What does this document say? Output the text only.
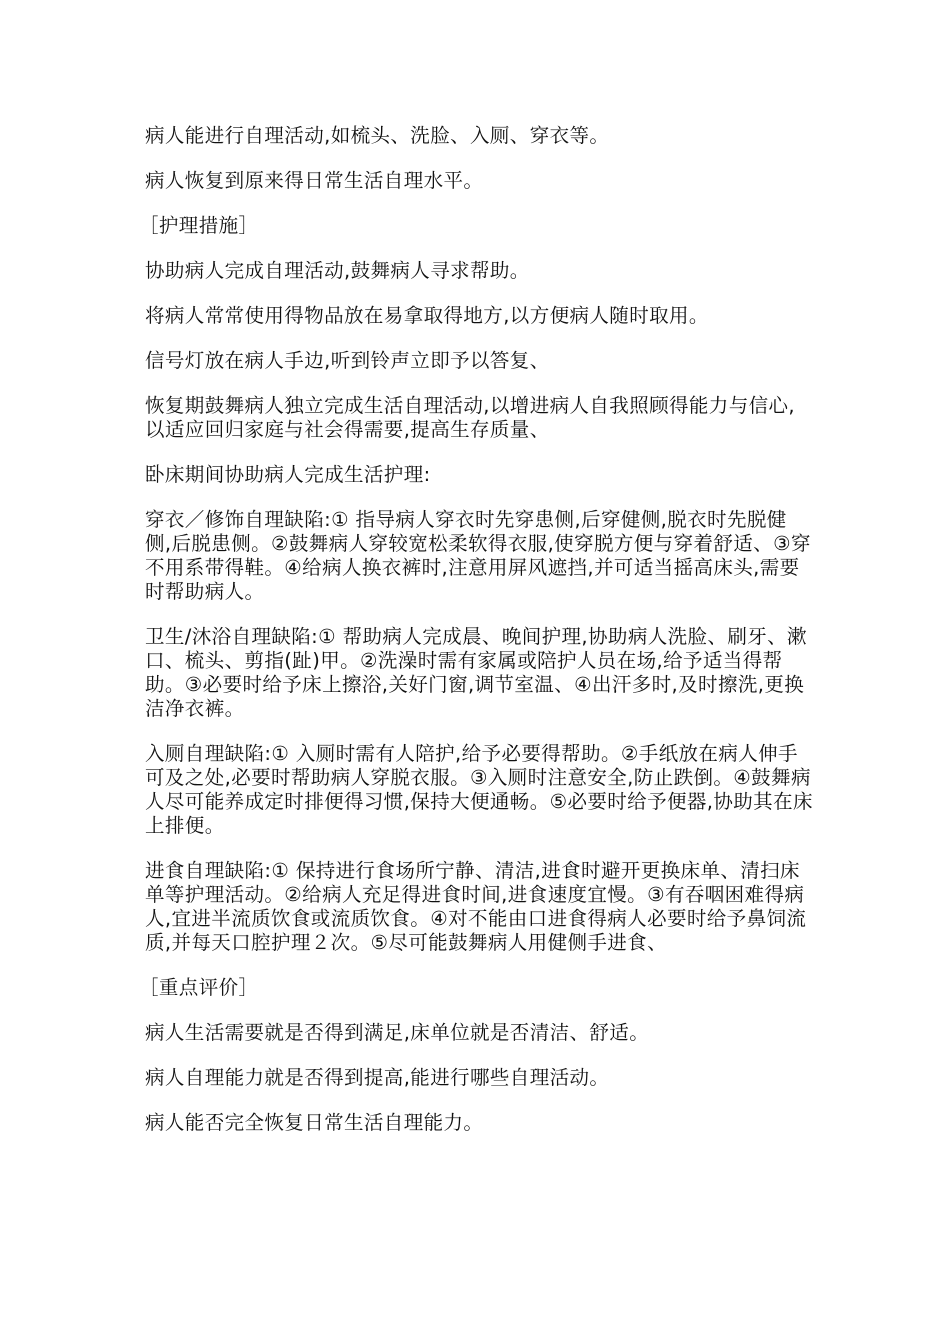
病人能进行自理活动,如梳头、洗脸、入厕、穿衣等。

病人恢复到原来得日常生活自理水平。

［护理措施］

协助病人完成自理活动,鼓舞病人寻求帮助。

将病人常常使用得物品放在易拿取得地方,以方便病人随时取用。

信号灯放在病人手边,听到铃声立即予以答复、

恢复期鼓舞病人独立完成生活自理活动,以增进病人自我照顾得能力与信心,以适应回归家庭与社会得需要,提高生存质量、

卧床期间协助病人完成生活护理:

穿衣／修饰自理缺陷:① 指导病人穿衣时先穿患侧,后穿健侧,脱衣时先脱健侧,后脱患侧。②鼓舞病人穿较宽松柔软得衣服,使穿脱方便与穿着舒适、③穿不用系带得鞋。④给病人换衣裤时,注意用屏风遮挡,并可适当摇高床头,需要时帮助病人。

卫生/沐浴自理缺陷:① 帮助病人完成晨、晚间护理,协助病人洗脸、刷牙、漱口、梳头、剪指(趾)甲。②洗澡时需有家属或陪护人员在场,给予适当得帮助。③必要时给予床上擦浴,关好门窗,调节室温、④出汗多时,及时擦洗,更换洁净衣裤。

入厕自理缺陷:① 入厕时需有人陪护,给予必要得帮助。②手纸放在病人伸手可及之处,必要时帮助病人穿脱衣服。③入厕时注意安全,防止跌倒。④鼓舞病人尽可能养成定时排便得习惯,保持大便通畅。⑤必要时给予便器,协助其在床上排便。

进食自理缺陷:① 保持进行食场所宁静、清洁,进食时避开更换床单、清扫床单等护理活动。②给病人充足得进食时间,进食速度宜慢。③有吞咽困难得病人,宜进半流质饮食或流质饮食。④对不能由口进食得病人必要时给予鼻饲流质,并每天口腔护理２次。⑤尽可能鼓舞病人用健侧手进食、

［重点评价］

病人生活需要就是否得到满足,床单位就是否清洁、舒适。

病人自理能力就是否得到提高,能进行哪些自理活动。

病人能否完全恢复日常生活自理能力。
